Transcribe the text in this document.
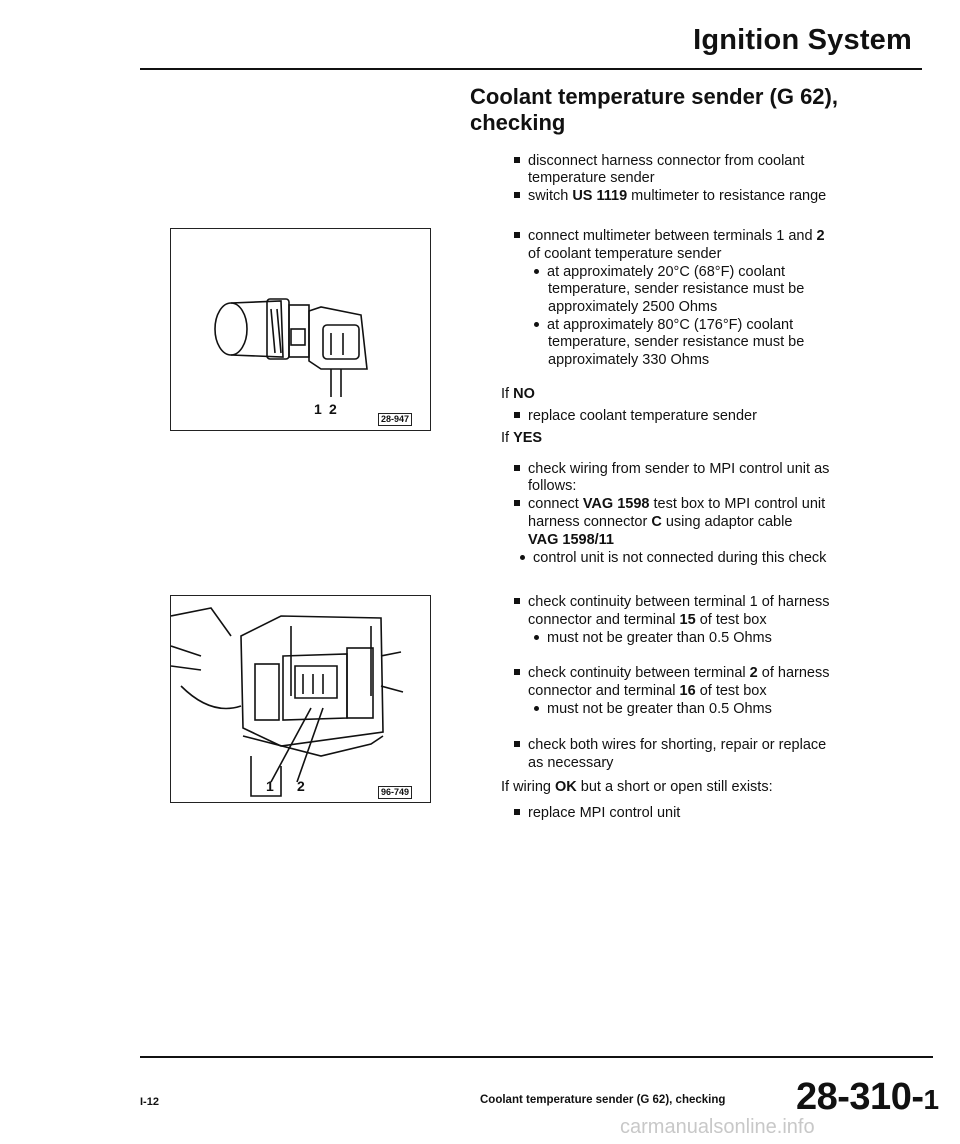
Ignition System
Coolant temperature sender (G 62),
checking
1 2
28-947
1 2	96-749
disconnect harness connector from coolant
temperature sender
switch US 1119 multimeter to resistance range
connect multimeter between terminals 1 and 2
of coolant temperature sender
at approximately 20°C (68°F) coolant
temperature, sender resistance must be
approximately 2500 Ohms
at approximately 80°C (176°F) coolant
temperature, sender resistance must be
approximately 330 Ohms
If NO
replace coolant temperature sender
If YES
check wiring from sender to MPI control unit as
follows:
connect VAG 1598 test box to MPI control unit
harness connector C using adaptor cable
VAG 1598/11
control unit is not connected during this check
check continuity between terminal 1 of harness
connector and terminal 15 of test box
must not be greater than 0.5 Ohms
check continuity between terminal 2 of harness
connector and terminal 16 of test box
must not be greater than 0.5 Ohms
check both wires for shorting, repair or replace
as necessary
If wiring OK but a short or open still exists:
replace MPI control unit
I-12	Coolant temperature sender (G 62), checking 28-310-1
carmanualsonline.info
